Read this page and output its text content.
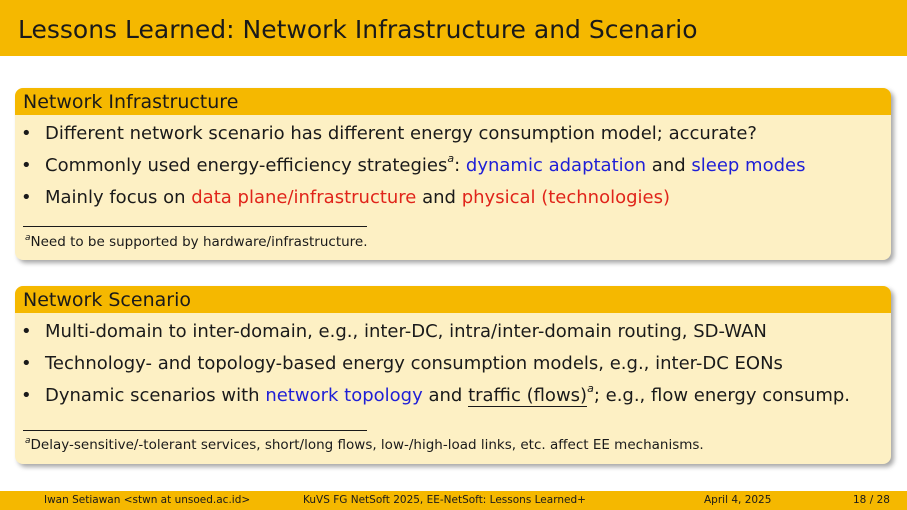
Lessons Learned: Network Infrastructure and Scenario
Network Infrastructure
• Different network scenario has different energy consumption model; accurate?
• Commonly used energy-efficiency strategies$^a$: dynamic adaptation and sleep modes
• Mainly focus on data plane/infrastructure and physical (technologies)
$^a$Need to be supported by hardware/infrastructure.
Network Scenario
• Multi-domain to inter-domain, e.g., inter-DC, intra/inter-domain routing, SD-WAN
• Technology- and topology-based energy consumption models, e.g., inter-DC EONs
• Dynamic scenarios with network topology and traffic (flows)$^a$; e.g., flow energy consump.
$^a$Delay-sensitive/-tolerant services, short/long flows, low-/high-load links, etc. affect EE mechanisms.
Iwan Setiawan <stwn at unsoed.ac.id>	KuVS FG NetSoft 2025, EE-NetSoft: Lessons Learned+	April 4, 2025	18 / 28
